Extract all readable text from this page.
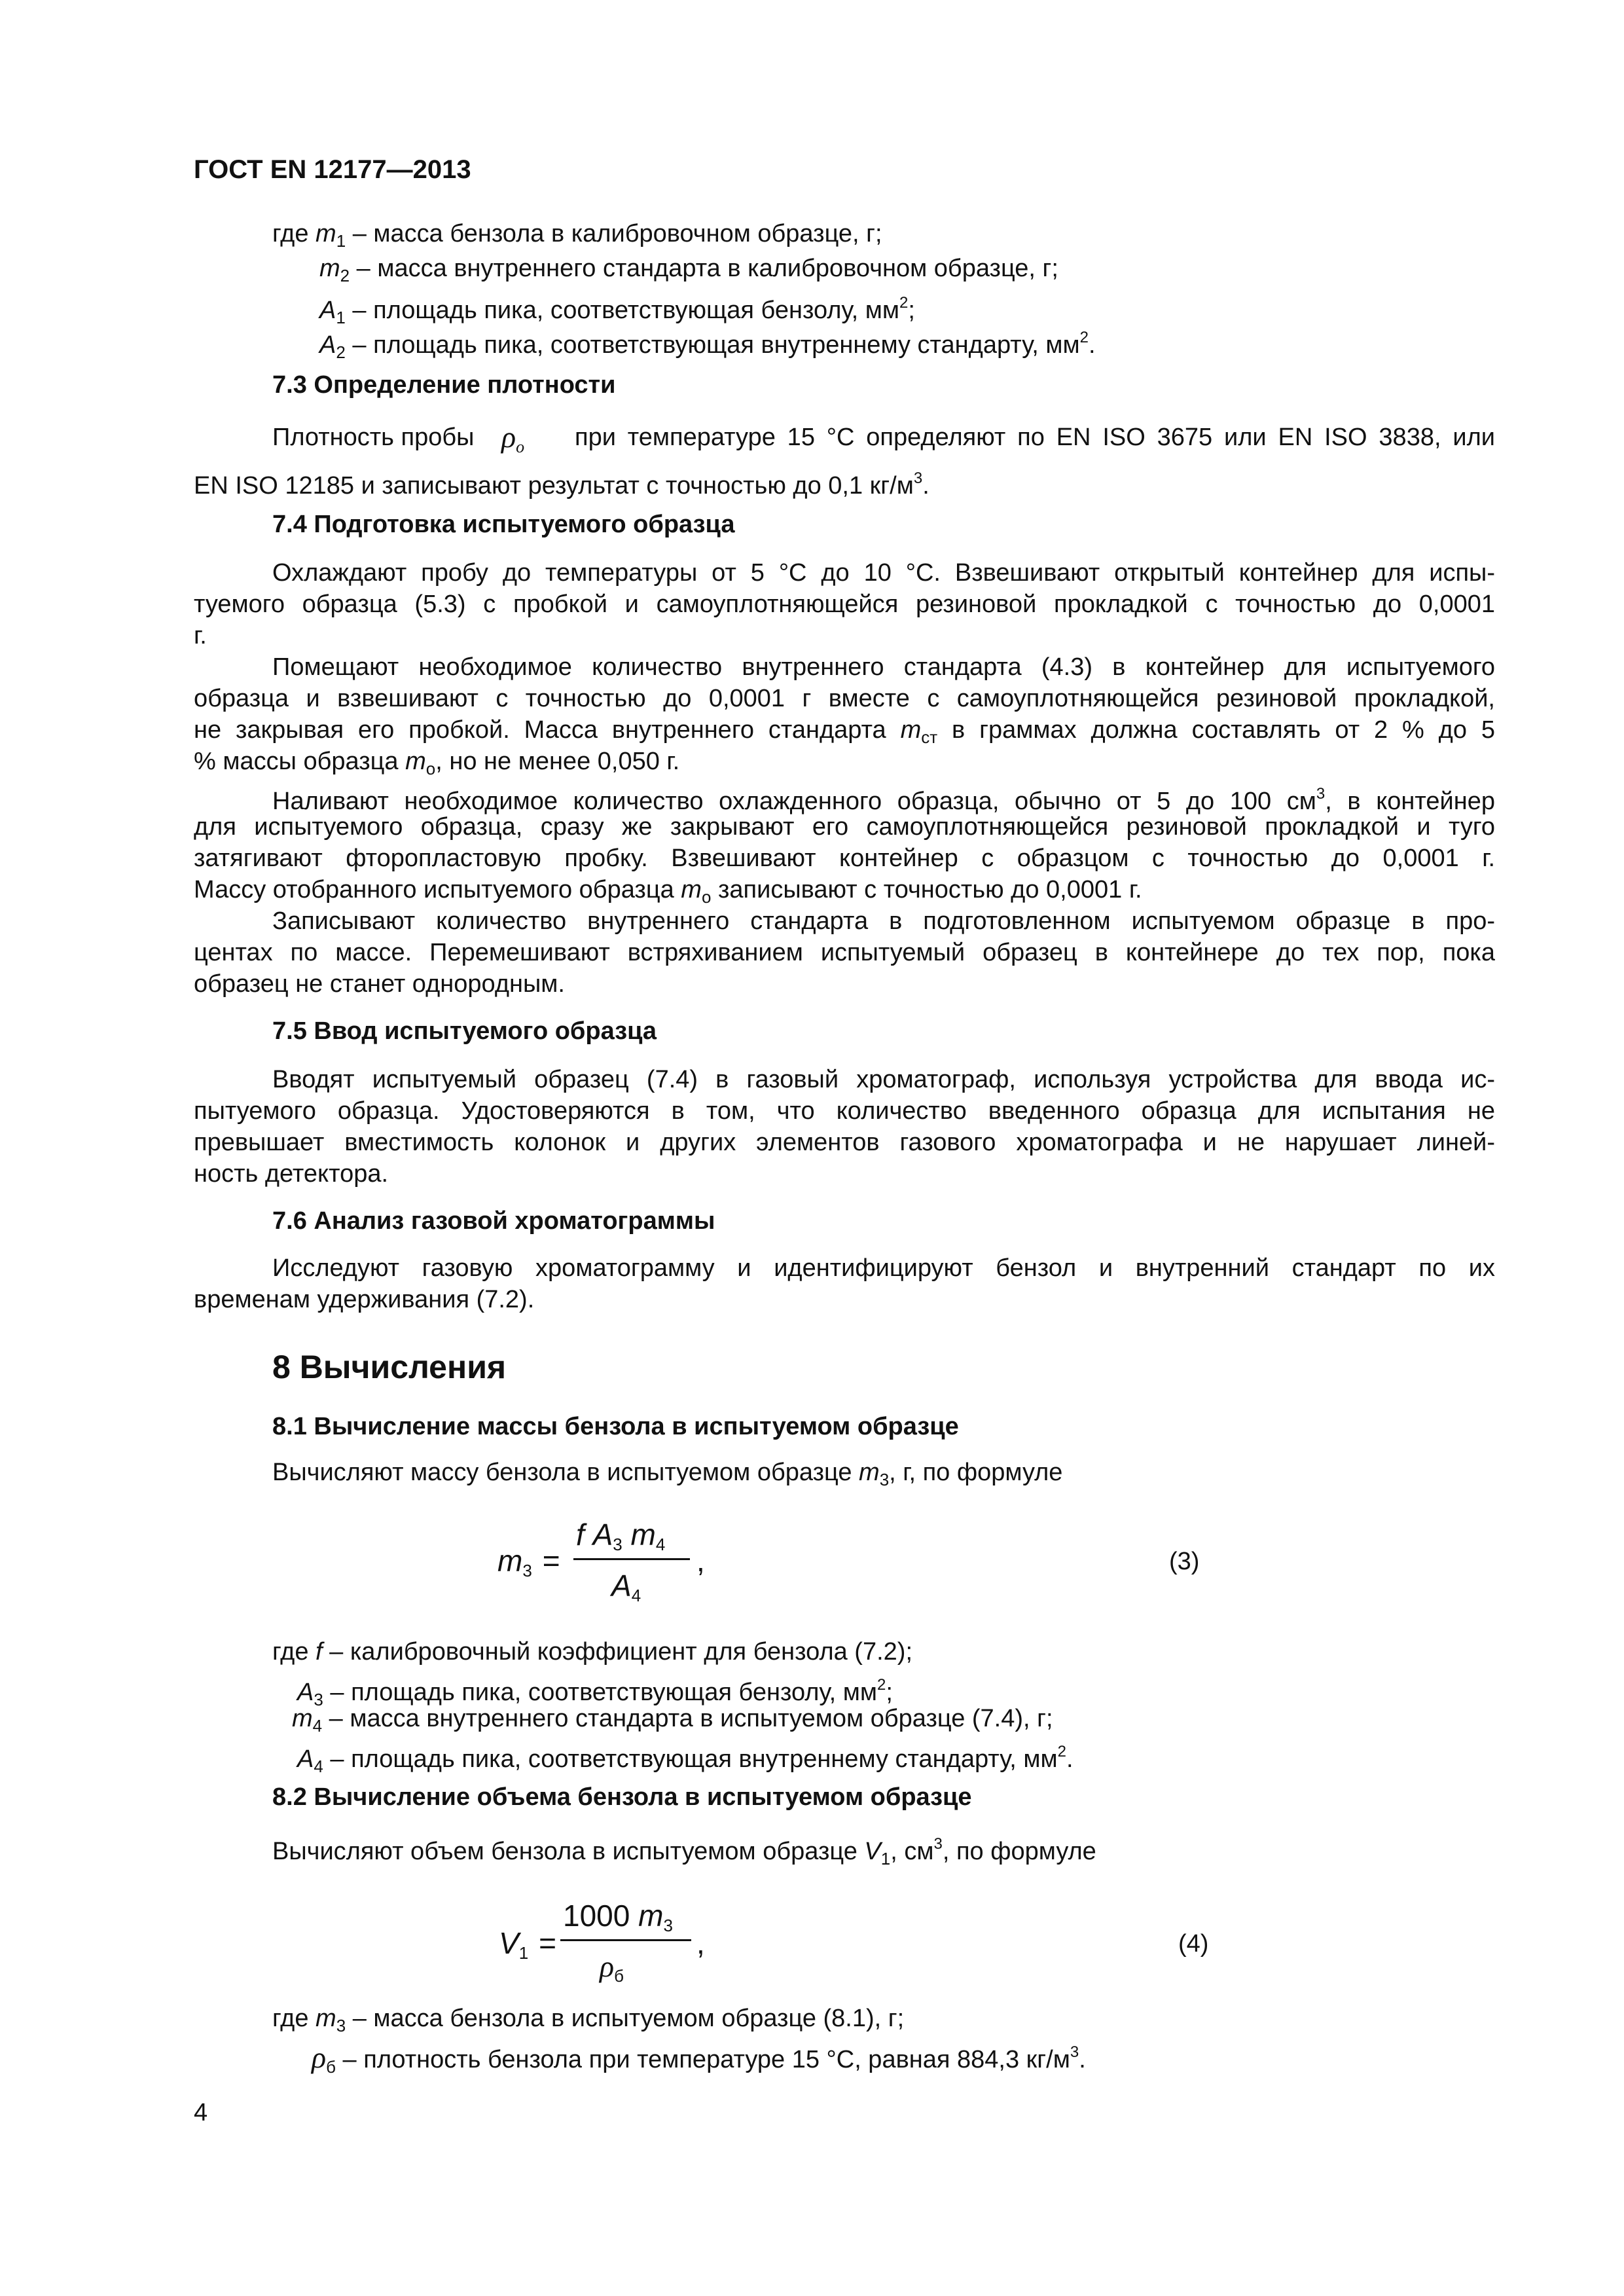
ГОСТ EN 12177—2013
где $m_1$ – масса бензола в калибровочном образце, г;
$m_2$ – масса внутреннего стандарта в калибровочном образце, г;
$A_1$ – площадь пика, соответствующая бензолу, $мм^2$;
$A_2$ – площадь пика, соответствующая внутреннему стандарту, $мм^2$.
7.3 Определение плотности
Плотность пробы $\rho_o$ при температуре 15 °С определяют по EN ISO 3675 или EN ISO 3838, или
EN ISO 12185 и записывают результат с точностью до 0,1 $кг/м^3$.
7.4 Подготовка испытуемого образца
Охлаждают пробу до температуры от 5 °С до 10 °С. Взвешивают открытый контейнер для испы-
туемого образца (5.3) с пробкой и самоуплотняющейся резиновой прокладкой с точностью до 0,0001
г.
Помещают необходимое количество внутреннего стандарта (4.3) в контейнер для испытуемого
образца и взвешивают с точностью до 0,0001 г вместе с самоуплотняющейся резиновой прокладкой,
не закрывая его пробкой. Масса внутреннего стандарта $m_{ст}$ в граммах должна составлять от 2 % до 5
% массы образца $m_o$, но не менее 0,050 г.
Наливают необходимое количество охлажденного образца, обычно от 5 до 100 $см^3$, в контейнер
для испытуемого образца, сразу же закрывают его самоуплотняющейся резиновой прокладкой и туго
затягивают фторопластовую пробку. Взвешивают контейнер с образцом с точностью до 0,0001 г.
Массу отобранного испытуемого образца $m_o$ записывают с точностью до 0,0001 г.
Записывают количество внутреннего стандарта в подготовленном испытуемом образце в про-
центах по массе. Перемешивают встряхиванием испытуемый образец в контейнере до тех пор, пока
образец не станет однородным.
7.5 Ввод испытуемого образца
Вводят испытуемый образец (7.4) в газовый хроматограф, используя устройства для ввода ис-
пытуемого образца. Удостоверяются в том, что количество введенного образца для испытания не
превышает вместимость колонок и других элементов газового хроматографа и не нарушает линей-
ность детектора.
7.6 Анализ газовой хроматограммы
Исследуют газовую хроматограмму и идентифицируют бензол и внутренний стандарт по их
временам удерживания (7.2).
8 Вычисления
8.1 Вычисление массы бензола в испытуемом образце
Вычисляют массу бензола в испытуемом образце $m_3$, г, по формуле
$m_3$ =
f $A_3$ $m_4$
$A_4$
,	(3)
где f – калибровочный коэффициент для бензола (7.2);
$A_3$ – площадь пика, соответствующая бензолу, $мм^2$;
$m_4$ – масса внутреннего стандарта в испытуемом образце (7.4), г;
$A_4$ – площадь пика, соответствующая внутреннему стандарту, $мм^2$.
8.2 Вычисление объема бензола в испытуемом образце
Вычисляют объем бензола в испытуемом образце $V_1$, $см^3$, по формуле
$V_1$ =
1000 $m_3$
$\rho_б$
,	(4)
где $m_3$ – масса бензола в испытуемом образце (8.1), г;
$\rho_б$ – плотность бензола при температуре 15 °С, равная 884,3 $кг/м^3$.
4
